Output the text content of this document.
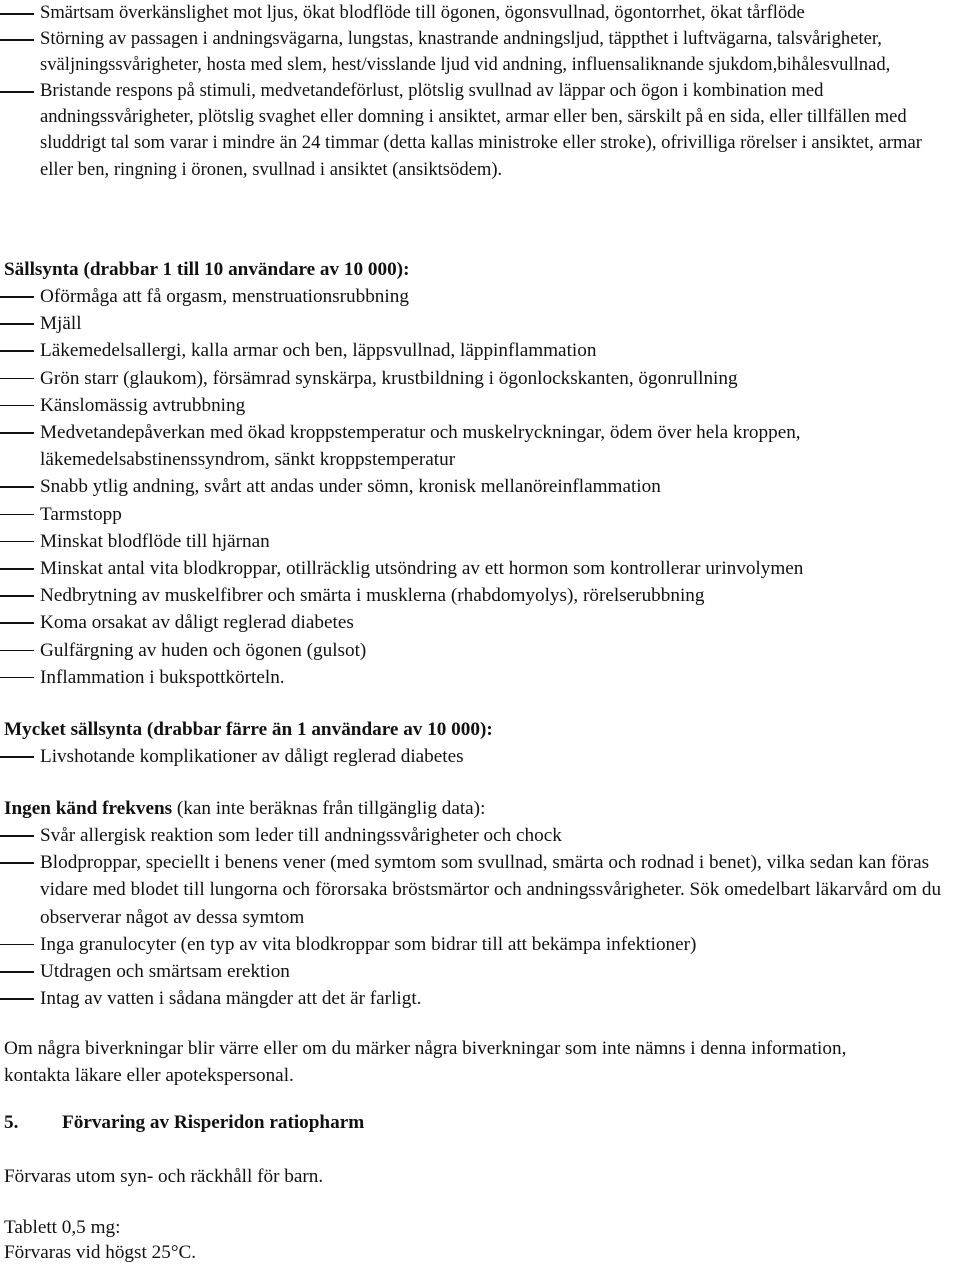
Smärtsam överkänslighet mot ljus, ökat blodflöde till ögonen, ögonsvullnad, ögontorrhet, ökat tårflöde
Störning av passagen i andningsvägarna, lungstas, knastrande andningsljud, täppthet i luftvägarna, talsvårigheter, sväljningssvårigheter, hosta med slem, hest/visslande ljud vid andning, influensaliknande sjukdom,bihålesvullnad,
Bristande respons på stimuli, medvetandeförlust, plötslig svullnad av läppar och ögon i kombination med andningssvårigheter, plötslig svaghet eller domning i ansiktet, armar eller ben, särskilt på en sida, eller tillfällen med sluddrigt tal som varar i mindre än 24 timmar (detta kallas ministroke eller stroke), ofrivilliga rörelser i ansiktet, armar eller ben, ringning i öronen, svullnad i ansiktet (ansiktsödem).

Sällsynta (drabbar 1 till 10 användare av 10 000):

Oförmåga att få orgasm, menstruationsrubbning
Mjäll
Läkemedelsallergi, kalla armar och ben, läppsvullnad, läppinflammation
Grön starr (glaukom), försämrad synskärpa, krustbildning i ögonlockskanten, ögonrullning
Känslomässig avtrubbning
Medvetandepåverkan med ökad kroppstemperatur och muskelryckningar, ödem över hela kroppen, läkemedelsabstinenssyndrom, sänkt kroppstemperatur
Snabb ytlig andning, svårt att andas under sömn, kronisk mellanöreinflammation
Tarmstopp
Minskat blodflöde till hjärnan
Minskat antal vita blodkroppar, otillräcklig utsöndring av ett hormon som kontrollerar urinvolymen
Nedbrytning av muskelfibrer och smärta i musklerna (rhabdomyolys), rörelserubbning
Koma orsakat av dåligt reglerad diabetes
Gulfärgning av huden och ögonen (gulsot)
Inflammation i bukspottkörteln.

Mycket sällsynta (drabbar färre än 1 användare av 10 000):

Livshotande komplikationer av dåligt reglerad diabetes

Ingen känd frekvens (kan inte beräknas från tillgänglig data):

Svår allergisk reaktion som leder till andningssvårigheter och chock
Blodproppar, speciellt i benens vener (med symtom som svullnad, smärta och rodnad i benet), vilka sedan kan föras vidare med blodet till lungorna och förorsaka bröstsmärtor och andningssvårigheter. Sök omedelbart läkarvård om du observerar något av dessa symtom
Inga granulocyter (en typ av vita blodkroppar som bidrar till att bekämpa infektioner)
Utdragen och smärtsam erektion
Intag av vatten i sådana mängder att det är farligt.

Om några biverkningar blir värre eller om du märker några biverkningar som inte nämns i denna information, kontakta läkare eller apotekspersonal.

5. Förvaring av Risperidon ratiopharm

Förvaras utom syn- och räckhåll för barn.

Tablett 0,5 mg:

Förvaras vid högst 25°C.
